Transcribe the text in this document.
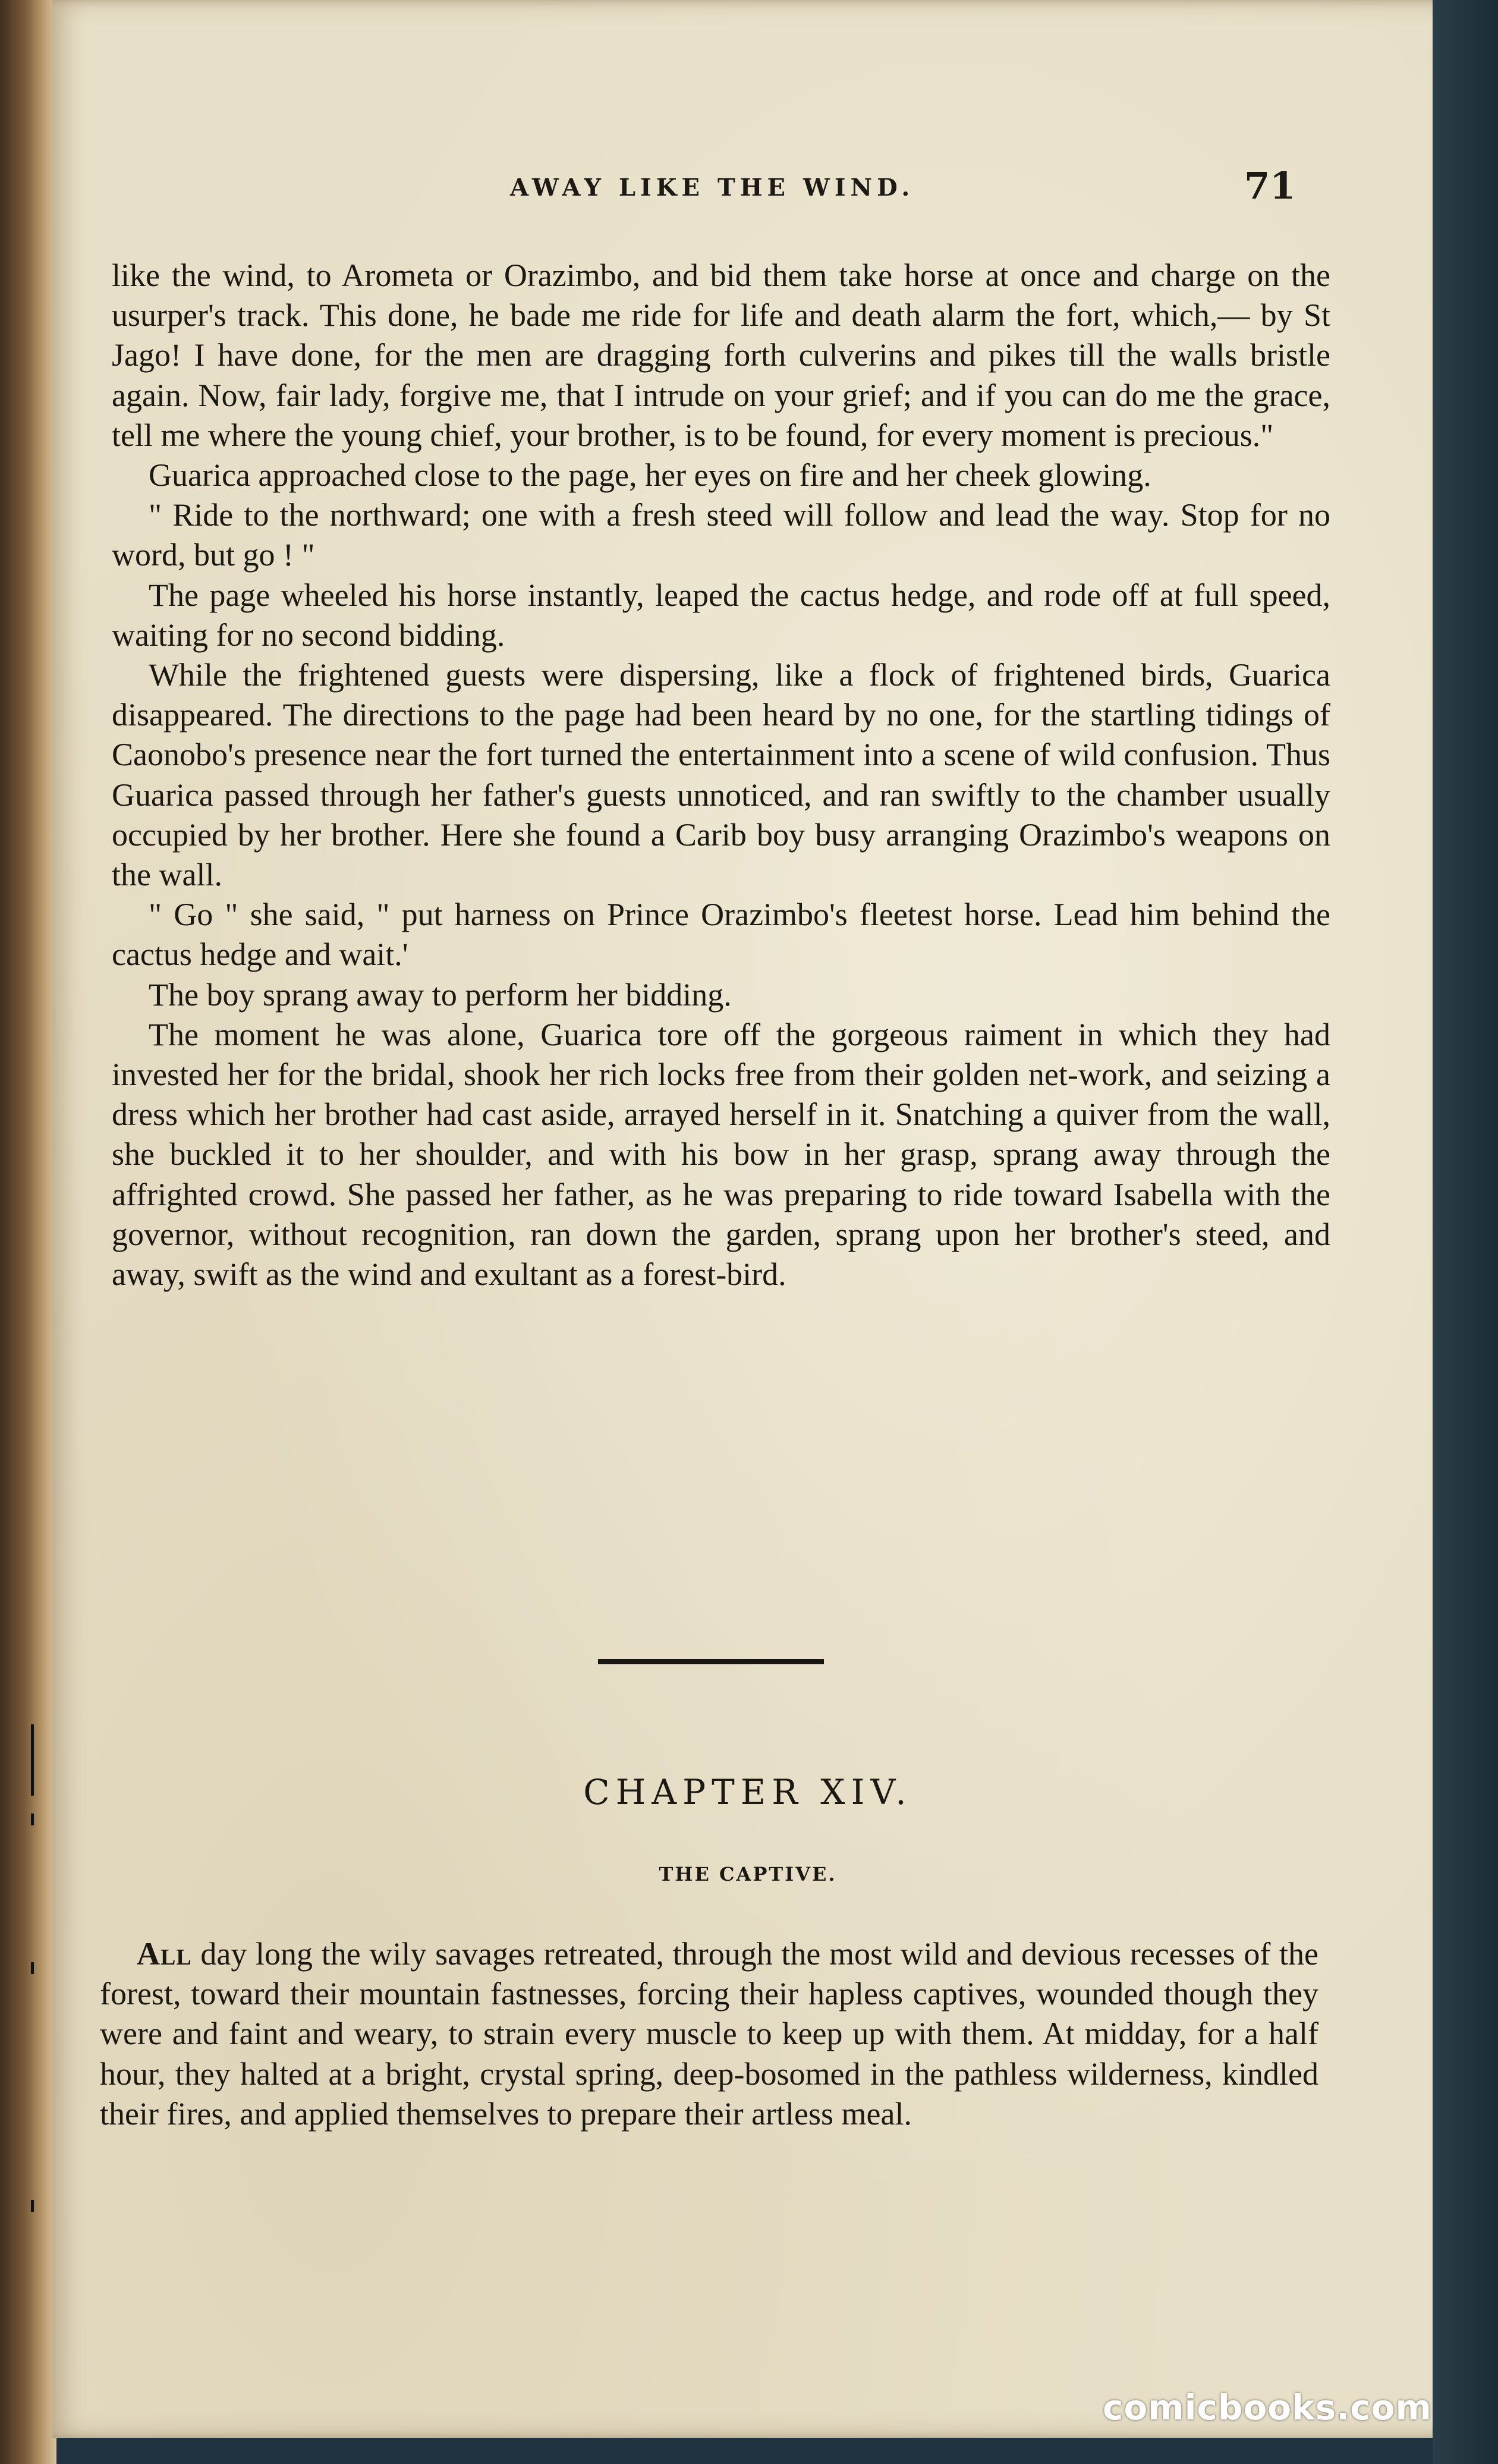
AWAY LIKE THE WIND.	71

like the wind, to Arometa or Orazimbo, and bid them take horse at once and charge on the usurper's track. This done, he bade me ride for life and death alarm the fort, which,— by St Jago! I have done, for the men are dragging forth culverins and pikes till the walls bristle again. Now, fair lady, forgive me, that I intrude on your grief; and if you can do me the grace, tell me where the young chief, your brother, is to be found, for every moment is precious."

Guarica approached close to the page, her eyes on fire and her cheek glowing.

" Ride to the northward; one with a fresh steed will follow and lead the way. Stop for no word, but go ! "

The page wheeled his horse instantly, leaped the cactus hedge, and rode off at full speed, waiting for no second bidding.

While the frightened guests were dispersing, like a flock of frightened birds, Guarica disappeared. The directions to the page had been heard by no one, for the startling tidings of Caonobo's presence near the fort turned the entertainment into a scene of wild confusion. Thus Guarica passed through her father's guests unnoticed, and ran swiftly to the chamber usually occupied by her brother. Here she found a Carib boy busy arranging Orazimbo's weapons on the wall.

" Go " she said, " put harness on Prince Orazimbo's fleetest horse. Lead him behind the cactus hedge and wait.'

The boy sprang away to perform her bidding.

The moment he was alone, Guarica tore off the gorgeous raiment in which they had invested her for the bridal, shook her rich locks free from their golden net-work, and seizing a dress which her brother had cast aside, arrayed herself in it. Snatching a quiver from the wall, she buckled it to her shoulder, and with his bow in her grasp, sprang away through the affrighted crowd. She passed her father, as he was preparing to ride toward Isabella with the governor, without recognition, ran down the garden, sprang upon her brother's steed, and away, swift as the wind and exultant as a forest-bird.

CHAPTER XIV.
THE CAPTIVE.

All day long the wily savages retreated, through the most wild and devious recesses of the forest, toward their mountain fastnesses, forcing their hapless captives, wounded though they were and faint and weary, to strain every muscle to keep up with them. At midday, for a half hour, they halted at a bright, crystal spring, deep-bosomed in the pathless wilderness, kindled their fires, and applied themselves to prepare their artless meal.

comicbooks.com
